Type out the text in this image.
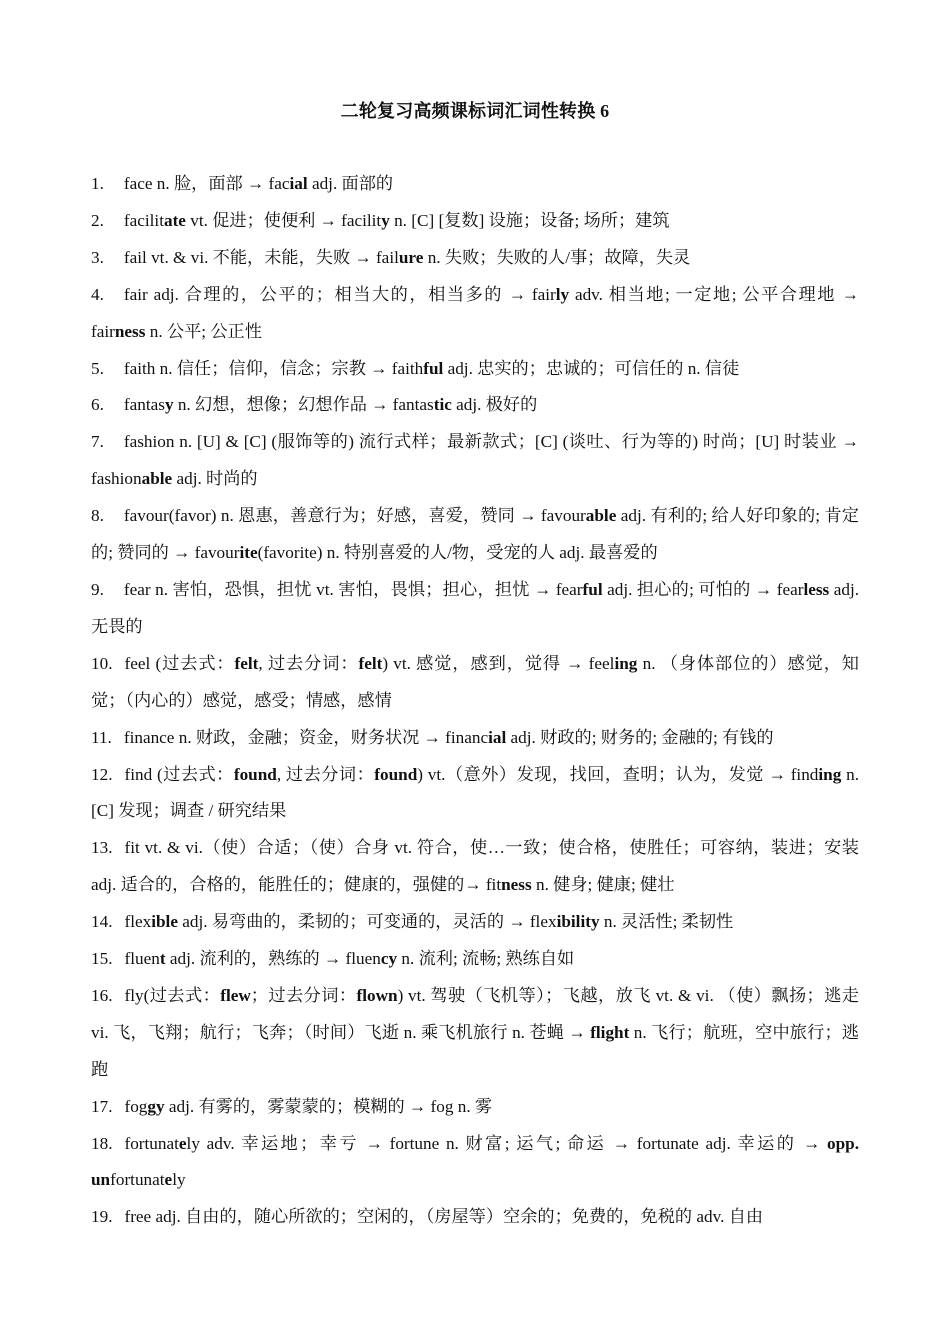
二轮复习高频课标词汇词性转换 6
1. face n. 脸，面部 → facial adj. 面部的
2. facilitate vt. 促进；使便利 → facility n. [C] [复数] 设施；设备; 场所；建筑
3. fail vt. & vi. 不能，未能，失败 → failure n. 失败；失败的人/事；故障，失灵
4. fair adj. 合理的，公平的；相当大的，相当多的 → fairly adv. 相当地; 一定地; 公平合理地 → fairness n. 公平; 公正性
5. faith n. 信任；信仰，信念；宗教 → faithful adj. 忠实的；忠诚的；可信任的 n. 信徒
6. fantasy n. 幻想，想像；幻想作品 → fantastic adj. 极好的
7. fashion n. [U] & [C] (服饰等的) 流行式样；最新款式；[C] (谈吐、行为等的) 时尚；[U] 时装业 → fashionable adj. 时尚的
8. favour(favor) n. 恩惠，善意行为；好感，喜爱，赞同 → favourable adj. 有利的; 给人好印象的; 肯定的; 赞同的 → favourite(favorite) n. 特别喜爱的人/物，受宠的人 adj. 最喜爱的
9. fear n. 害怕，恐惧，担忧 vt. 害怕，畏惧；担心，担忧 → fearful adj. 担心的; 可怕的 → fearless adj. 无畏的
10. feel (过去式：felt, 过去分词：felt) vt. 感觉，感到，觉得 → feeling n. （身体部位的）感觉，知觉；（内心的）感觉，感受；情感，感情
11. finance n. 财政，金融；资金，财务状况 → financial adj. 财政的; 财务的; 金融的; 有钱的
12. find (过去式：found, 过去分词：found) vt.（意外）发现，找回，查明；认为，发觉 → finding n. [C] 发现；调查 / 研究结果
13. fit vt. & vi.（使）合适；（使）合身 vt. 符合，使…一致；使合格，使胜任；可容纳，装进；安装 adj. 适合的，合格的，能胜任的；健康的，强健的→ fitness n. 健身; 健康; 健壮
14. flexible adj. 易弯曲的，柔韧的；可变通的，灵活的 → flexibility n. 灵活性; 柔韧性
15. fluent adj. 流利的，熟练的 → fluency n. 流利; 流畅; 熟练自如
16. fly(过去式：flew；过去分词：flown) vt. 驾驶（飞机等）；飞越，放飞 vt. & vi. （使）飘扬；逃走 vi. 飞，飞翔；航行；飞奔；（时间）飞逝 n. 乘飞机旅行 n. 苍蝇 → flight n. 飞行；航班，空中旅行；逃跑
17. foggy adj. 有雾的，雾蒙蒙的；模糊的 → fog n. 雾
18. fortunately adv. 幸运地；幸亏 → fortune n. 财富; 运气; 命运 → fortunate adj. 幸运的 → opp. unfortunately
19. free adj. 自由的，随心所欲的；空闲的，（房屋等）空余的；免费的，免税的 adv. 自由
